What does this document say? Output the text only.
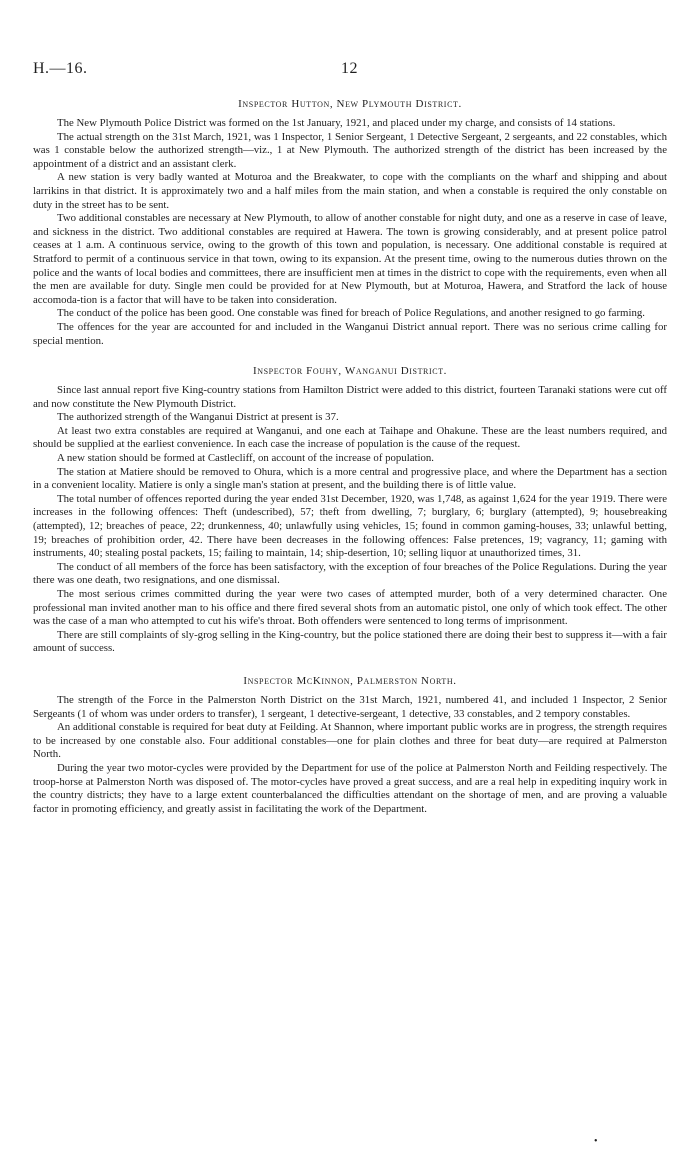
H.—16.	12
Inspector Hutton, New Plymouth District.

The New Plymouth Police District was formed on the 1st January, 1921, and placed under my charge, and consists of 14 stations.

The actual strength on the 31st March, 1921, was 1 Inspector, 1 Senior Sergeant, 1 Detective Sergeant, 2 sergeants, and 22 constables, which was 1 constable below the authorized strength—viz., 1 at New Plymouth. The authorized strength of the district has been increased by the appointment of a district and an assistant clerk.

A new station is very badly wanted at Moturoa and the Breakwater, to cope with the compliants on the wharf and shipping and about larrikins in that district. It is approximately two and a half miles from the main station, and when a constable is required the only constable on duty in the street has to be sent.

Two additional constables are necessary at New Plymouth, to allow of another constable for night duty, and one as a reserve in case of leave, and sickness in the district. Two additional constables are required at Hawera. The town is growing considerably, and at present police patrol ceases at 1 a.m. A continuous service, owing to the growth of this town and population, is necessary. One additional constable is required at Stratford to permit of a continuous service in that town, owing to its expansion. At the present time, owing to the numerous duties thrown on the police and the wants of local bodies and committees, there are insufficient men at times in the district to cope with the requirements, even when all the men are available for duty. Single men could be provided for at New Plymouth, but at Moturoa, Hawera, and Stratford the lack of house accomoda-tion is a factor that will have to be taken into consideration.

The conduct of the police has been good. One constable was fined for breach of Police Regulations, and another resigned to go farming.

The offences for the year are accounted for and included in the Wanganui District annual report. There was no serious crime calling for special mention.

Inspector Fouhy, Wanganui District.

Since last annual report five King-country stations from Hamilton District were added to this district, fourteen Taranaki stations were cut off and now constitute the New Plymouth District.

The authorized strength of the Wanganui District at present is 37.

At least two extra constables are required at Wanganui, and one each at Taihape and Ohakune. These are the least numbers required, and should be supplied at the earliest convenience. In each case the increase of population is the cause of the request.

A new station should be formed at Castlecliff, on account of the increase of population.

The station at Matiere should be removed to Ohura, which is a more central and progressive place, and where the Department has a section in a convenient locality. Matiere is only a single man's station at present, and the building there is of little value.

The total number of offences reported during the year ended 31st December, 1920, was 1,748, as against 1,624 for the year 1919. There were increases in the following offences: Theft (undescribed), 57; theft from dwelling, 7; burglary, 6; burglary (attempted), 9; housebreaking (attempted), 12; breaches of peace, 22; drunkenness, 40; unlawfully using vehicles, 15; found in common gaming-houses, 33; unlawful betting, 19; breaches of prohibition order, 42. There have been decreases in the following offences: False pretences, 19; vagrancy, 11; gaming with instruments, 40; stealing postal packets, 15; failing to maintain, 14; ship-desertion, 10; selling liquor at unauthorized times, 31.

The conduct of all members of the force has been satisfactory, with the exception of four breaches of the Police Regulations. During the year there was one death, two resignations, and one dismissal.

The most serious crimes committed during the year were two cases of attempted murder, both of a very determined character. One professional man invited another man to his office and there fired several shots from an automatic pistol, one only of which took effect. The other was the case of a man who attempted to cut his wife's throat. Both offenders were sentenced to long terms of imprisonment.

There are still complaints of sly-grog selling in the King-country, but the police stationed there are doing their best to suppress it—with a fair amount of success.

Inspector McKinnon, Palmerston North.

The strength of the Force in the Palmerston North District on the 31st March, 1921, numbered 41, and included 1 Inspector, 2 Senior Sergeants (1 of whom was under orders to transfer), 1 sergeant, 1 detective-sergeant, 1 detective, 33 constables, and 2 tempory constables.

An additional constable is required for beat duty at Feilding. At Shannon, where important public works are in progress, the strength requires to be increased by one constable also. Four additional constables—one for plain clothes and three for beat duty—are required at Palmerston North.

During the year two motor-cycles were provided by the Department for use of the police at Palmerston North and Feilding respectively. The troop-horse at Palmerston North was disposed of. The motor-cycles have proved a great success, and are a real help in expediting inquiry work in the country districts; they have to a large extent counterbalanced the difficulties attendant on the shortage of men, and are proving a valuable factor in promoting efficiency, and greatly assist in facilitating the work of the Department.

•
